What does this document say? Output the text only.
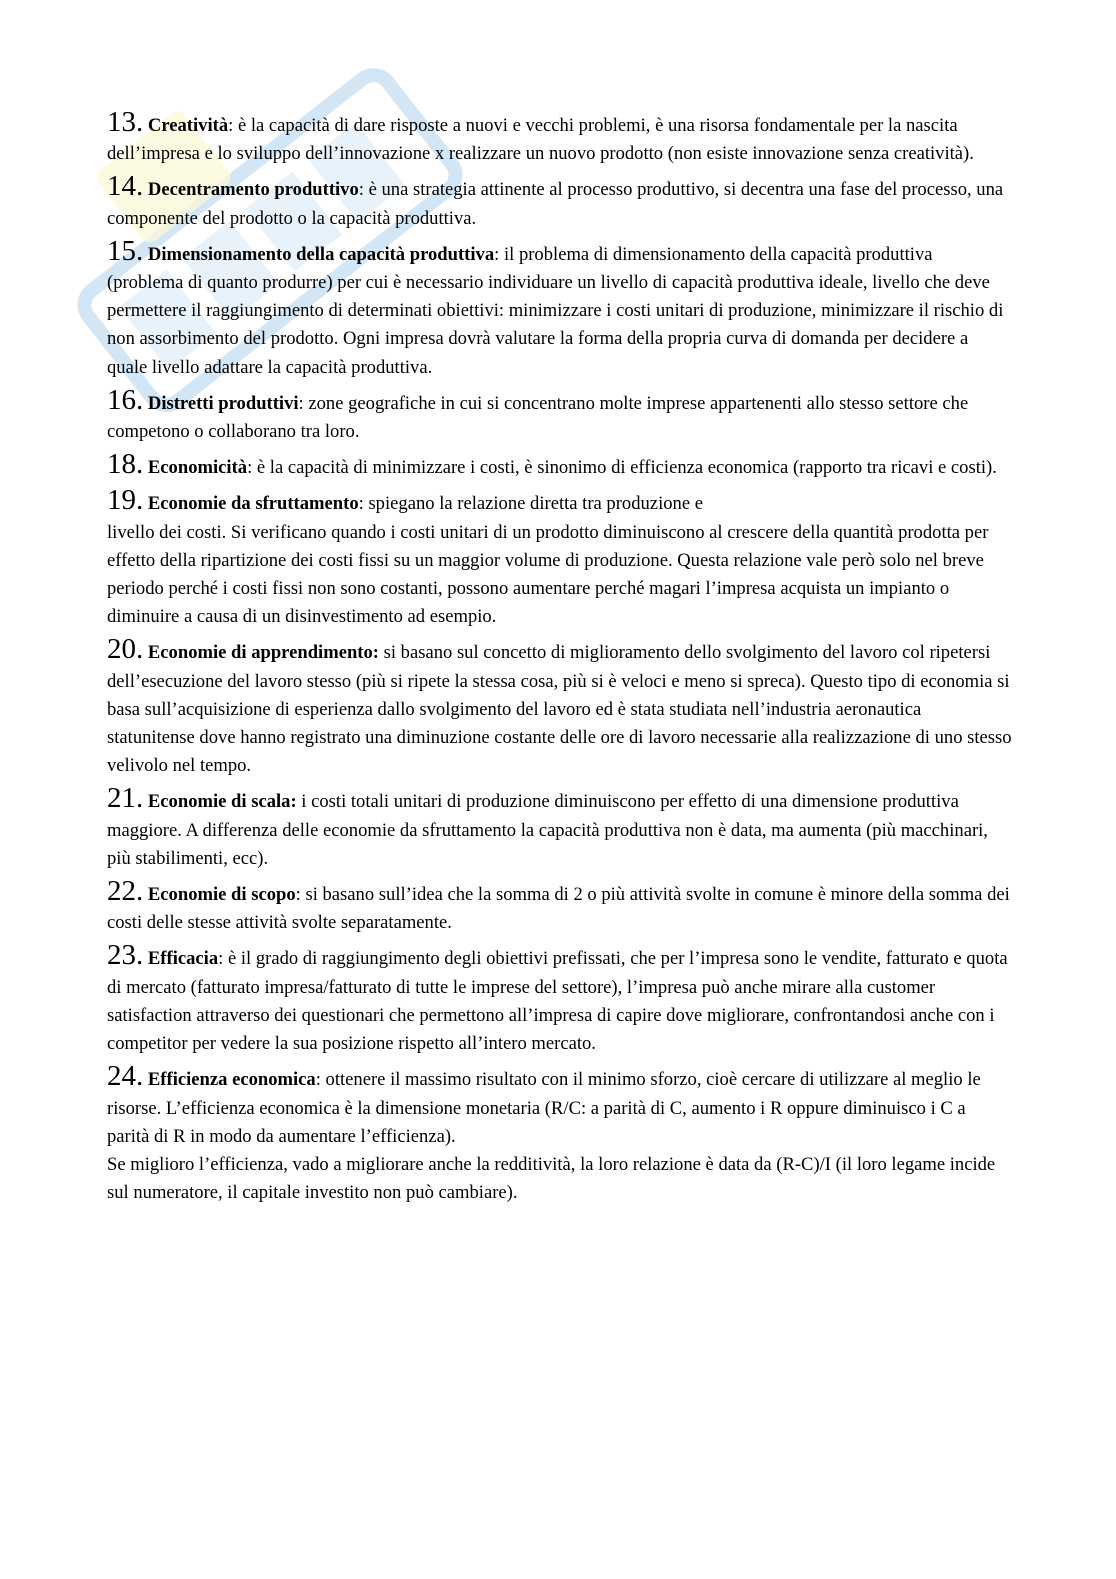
13. Creatività: è la capacità di dare risposte a nuovi e vecchi problemi, è una risorsa fondamentale per la nascita dell’impresa e lo sviluppo dell’innovazione x realizzare un nuovo prodotto (non esiste innovazione senza creatività).

14. Decentramento produttivo: è una strategia attinente al processo produttivo, si decentra una fase del processo, una componente del prodotto o la capacità produttiva.

15. Dimensionamento della capacità produttiva: il problema di dimensionamento della capacità produttiva (problema di quanto produrre) per cui è necessario individuare un livello di capacità produttiva ideale, livello che deve permettere il raggiungimento di determinati obiettivi: minimizzare i costi unitari di produzione, minimizzare il rischio di non assorbimento del prodotto. Ogni impresa dovrà valutare la forma della propria curva di domanda per decidere a quale livello adattare la capacità produttiva.

16. Distretti produttivi: zone geografiche in cui si concentrano molte imprese appartenenti allo stesso settore che competono o collaborano tra loro.

18. Economicità: è la capacità di minimizzare i costi, è sinonimo di efficienza economica (rapporto tra ricavi e costi).

19. Economie da sfruttamento: spiegano la relazione diretta tra produzione e
livello dei costi. Si verificano quando i costi unitari di un prodotto diminuiscono al crescere della quantità prodotta per effetto della ripartizione dei costi fissi su un maggior volume di produzione. Questa relazione vale però solo nel breve periodo perché i costi fissi non sono costanti, possono aumentare perché magari l’impresa acquista un impianto o diminuire a causa di un disinvestimento ad esempio.

20. Economie di apprendimento: si basano sul concetto di miglioramento dello svolgimento del lavoro col ripetersi dell’esecuzione del lavoro stesso (più si ripete la stessa cosa, più si è veloci e meno si spreca). Questo tipo di economia si basa sull’acquisizione di esperienza dallo svolgimento del lavoro ed è stata studiata nell’industria aeronautica statunitense dove hanno registrato una diminuzione costante delle ore di lavoro necessarie alla realizzazione di uno stesso velivolo nel tempo.

21. Economie di scala: i costi totali unitari di produzione diminuiscono per effetto di una dimensione produttiva maggiore. A differenza delle economie da sfruttamento la capacità produttiva non è data, ma aumenta (più macchinari, più stabilimenti, ecc).

22. Economie di scopo: si basano sull’idea che la somma di 2 o più attività svolte in comune è minore della somma dei costi delle stesse attività svolte separatamente.

23. Efficacia: è il grado di raggiungimento degli obiettivi prefissati, che per l’impresa sono le vendite, fatturato e quota di mercato (fatturato impresa/fatturato di tutte le imprese del settore), l’impresa può anche mirare alla customer satisfaction attraverso dei questionari che permettono all’impresa di capire dove migliorare, confrontandosi anche con i competitor per vedere la sua posizione rispetto all’intero mercato.

24. Efficienza economica: ottenere il massimo risultato con il minimo sforzo, cioè cercare di utilizzare al meglio le risorse. L’efficienza economica è la dimensione monetaria (R/C: a parità di C, aumento i R oppure diminuisco i C a parità di R in modo da aumentare l’efficienza).
Se miglioro l’efficienza, vado a migliorare anche la redditività, la loro relazione è data da (R-C)/I (il loro legame incide sul numeratore, il capitale investito non può cambiare).
